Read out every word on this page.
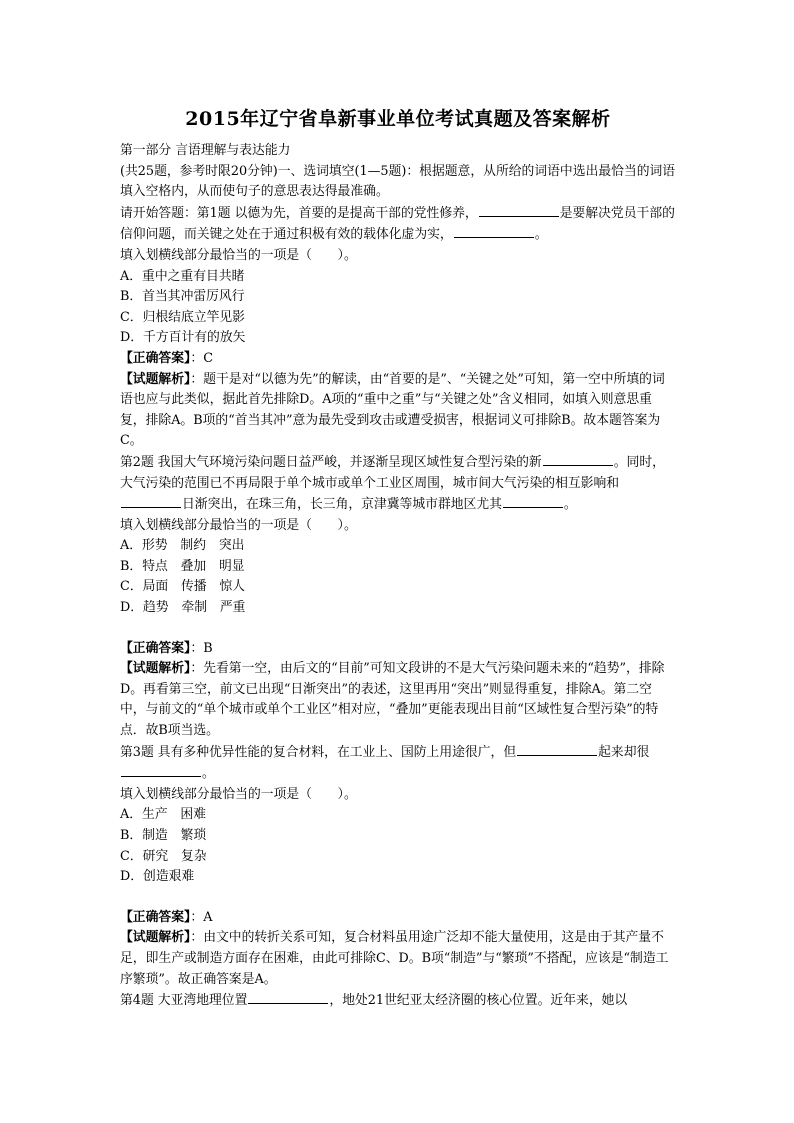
2015年辽宁省阜新事业单位考试真题及答案解析

第一部分 言语理解与表达能力

(共25题，参考时限20分钟)一、选词填空(1—5题)：根据题意，从所给的词语中选出最恰当的词语填入空格内，从而使句子的意思表达得最准确。

请开始答题：第1题 以德为先，首要的是提高干部的党性修养，	是要解决党员干部的信仰问题，而关键之处在于通过积极有效的载体化虚为实，	。

填入划横线部分最恰当的一项是（　　）。

A．重中之重有目共睹

B．首当其冲雷厉风行

C．归根结底立竿见影

D．千方百计有的放矢

【正确答案】：C

【试题解析】：题干是对“以德为先”的解读，由“首要的是”、“关键之处”可知，第一空中所填的词语也应与此类似，据此首先排除D。A项的“重中之重”与“关键之处”含义相同，如填入则意思重复，排除A。B项的“首当其冲”意为最先受到攻击或遭受损害，根据词义可排除B。故本题答案为C。

第2题 我国大气环境污染问题日益严峻，并逐渐呈现区域性复合型污染的新	。同时，大气污染的范围已不再局限于单个城市或单个工业区周围，城市间大气污染的相互影响和日渐突出，在珠三角，长三角，京津冀等城市群地区尤其	。

填入划横线部分最恰当的一项是（　　）。

A．形势　制约　突出

B．特点　叠加　明显

C．局面　传播　惊人

D．趋势　牵制　严重

【正确答案】：B

【试题解析】：先看第一空，由后文的“目前”可知文段讲的不是大气污染问题未来的“趋势”，排除D。再看第三空，前文已出现“日渐突出”的表述，这里再用“突出”则显得重复，排除A。第二空中，与前文的“单个城市或单个工业区”相对应，“叠加”更能表现出目前“区域性复合型污染”的特点．故B项当选。

第3题 具有多种优异性能的复合材料，在工业上、国防上用途很广，但	起来却很。

填入划横线部分最恰当的一项是（　　）。

A．生产　困难

B．制造　繁琐

C．研究　复杂

D．创造艰难

【正确答案】：A

【试题解析】：由文中的转折关系可知，复合材料虽用途广泛却不能大量使用，这是由于其产量不足，即生产或制造方面存在困难，由此可排除C、D。B项“制造”与“繁琐”不搭配，应该是“制造工序繁琐”。故正确答案是A。

第4题 大亚湾地理位置	，地处21世纪亚太经济圈的核心位置。近年来，她以
